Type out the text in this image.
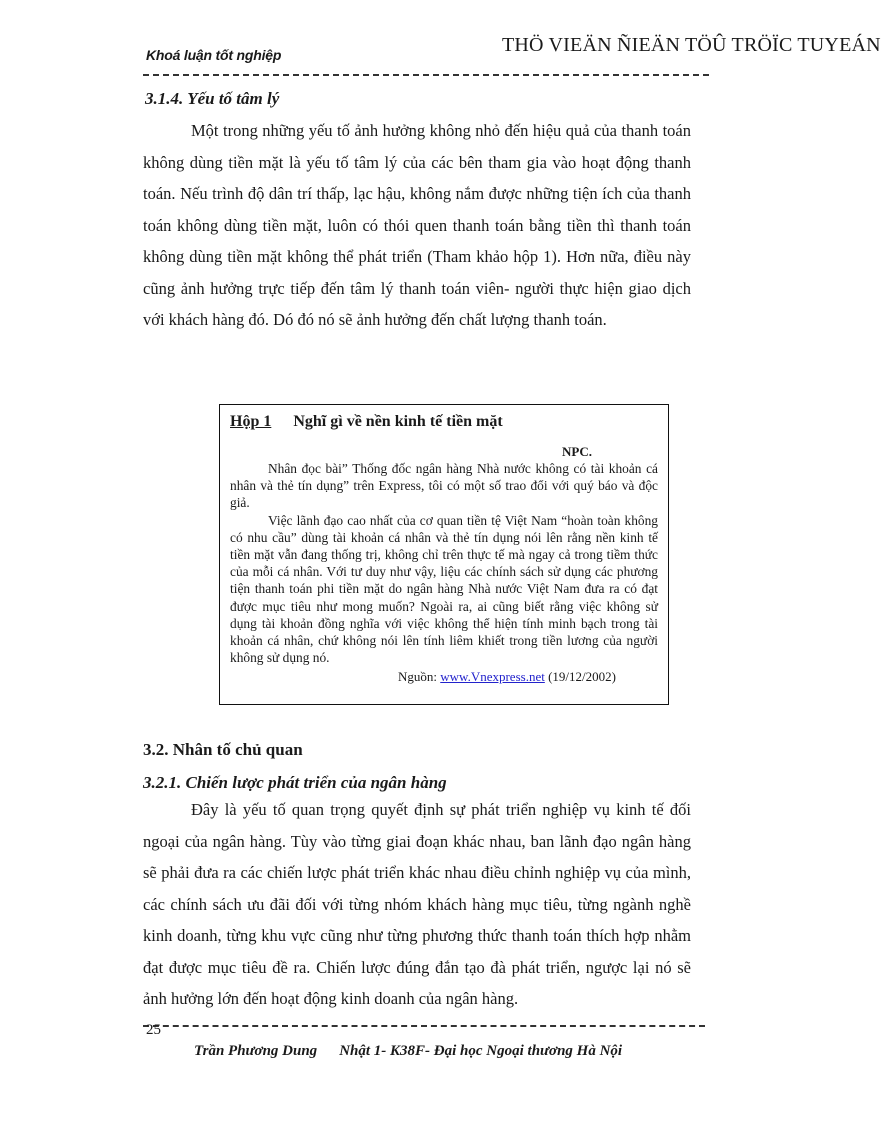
Khoá luận tốt nghiệp	THÖ VIEÄN ÑIEÄN TÖÛ TRÖÏC TUYEÁN
3.1.4. Yếu tố tâm lý
Một trong những yếu tố ảnh hưởng không nhỏ đến hiệu quả của thanh toán không dùng tiền mặt là yếu tố tâm lý của các bên tham gia vào hoạt động thanh toán. Nếu trình độ dân trí thấp, lạc hậu, không nắm được những tiện ích của thanh toán không dùng tiền mặt, luôn có thói quen thanh toán bằng tiền thì thanh toán không dùng tiền mặt không thể phát triển (Tham khảo hộp 1). Hơn nữa, điều này cũng ảnh hưởng trực tiếp đến tâm lý thanh toán viên- người thực hiện giao dịch với khách hàng đó. Dó đó nó sẽ ảnh hưởng đến chất lượng thanh toán.
Hộp 1 Nghĩ gì về nền kinh tế tiền mặt
NPC.

Nhân đọc bài” Thống đốc ngân hàng Nhà nước không có tài khoản cá nhân và thẻ tín dụng” trên Express, tôi có một số trao đổi với quý báo và độc giả.

Việc lãnh đạo cao nhất của cơ quan tiền tệ Việt Nam “hoàn toàn không có nhu cầu” dùng tài khoản cá nhân và thẻ tín dụng nói lên rằng nền kinh tế tiền mặt vẫn đang thống trị, không chỉ trên thực tế mà ngay cả trong tiềm thức của mỗi cá nhân. Với tư duy như vậy, liệu các chính sách sử dụng các phương tiện thanh toán phi tiền mặt do ngân hàng Nhà nước Việt Nam đưa ra có đạt được mục tiêu như mong muốn? Ngoài ra, ai cũng biết rằng việc không sử dụng tài khoản đồng nghĩa với việc không thể hiện tính minh bạch trong tài khoản cá nhân, chứ không nói lên tính liêm khiết trong tiền lương của người không sử dụng nó.

Nguồn: www.Vnexpress.net (19/12/2002)
3.2. Nhân tố chủ quan
3.2.1. Chiến lược phát triển của ngân hàng
Đây là yếu tố quan trọng quyết định sự phát triển nghiệp vụ kinh tế đối ngoại của ngân hàng. Tùy vào từng giai đoạn khác nhau, ban lãnh đạo ngân hàng sẽ phải đưa ra các chiến lược phát triển khác nhau điều chỉnh nghiệp vụ của mình, các chính sách ưu đãi đối với từng nhóm khách hàng mục tiêu, từng ngành nghề kinh doanh, từng khu vực cũng như từng phương thức thanh toán thích hợp nhằm đạt được mục tiêu đề ra. Chiến lược đúng đắn tạo đà phát triển, ngược lại nó sẽ ảnh hưởng lớn đến hoạt động kinh doanh của ngân hàng.
25
Trần Phương Dung Nhật 1- K38F- Đại học Ngoại thương Hà Nội
